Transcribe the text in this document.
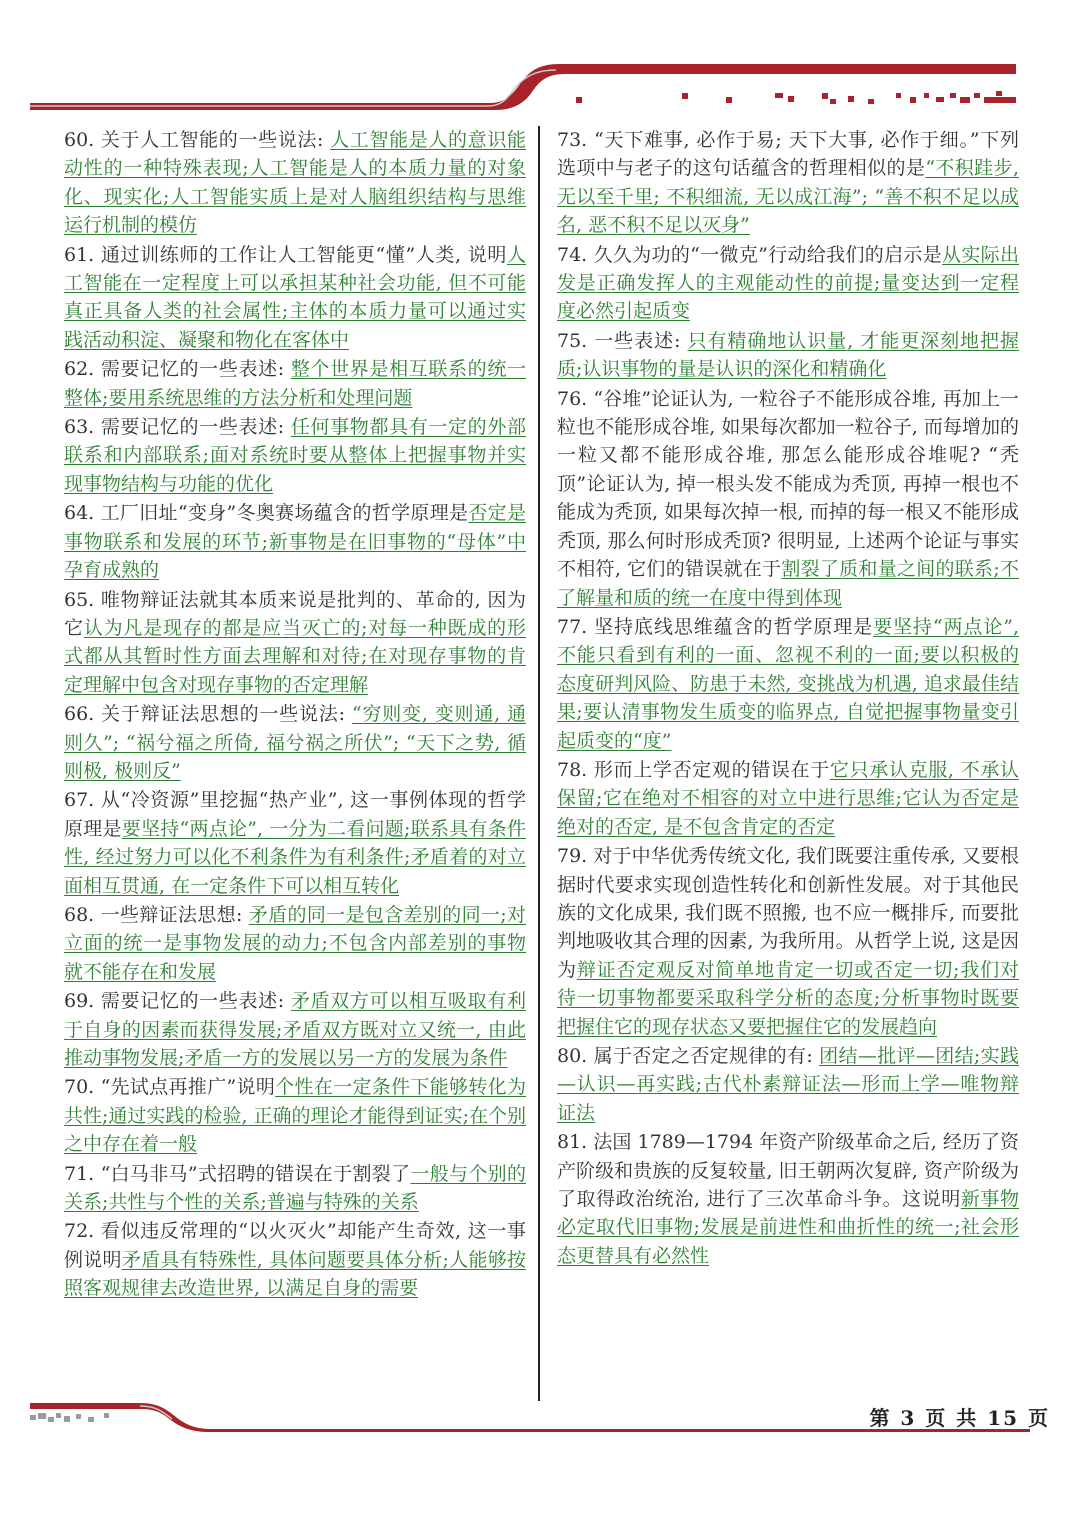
60. 关于人工智能的一些说法: 人工智能是人的意识能动性的一种特殊表现;人工智能是人的本质力量的对象化、现实化;人工智能实质上是对人脑组织结构与思维运行机制的模仿

61. 通过训练师的工作让人工智能更“懂”人类, 说明人工智能在一定程度上可以承担某种社会功能, 但不可能真正具备人类的社会属性;主体的本质力量可以通过实践活动积淀、凝聚和物化在客体中

62. 需要记忆的一些表述: 整个世界是相互联系的统一整体;要用系统思维的方法分析和处理问题

63. 需要记忆的一些表述: 任何事物都具有一定的外部联系和内部联系;面对系统时要从整体上把握事物并实现事物结构与功能的优化

64. 工厂旧址“变身”冬奥赛场蕴含的哲学原理是否定是事物联系和发展的环节;新事物是在旧事物的“母体”中孕育成熟的

65. 唯物辩证法就其本质来说是批判的、革命的, 因为它认为凡是现存的都是应当灭亡的;对每一种既成的形式都从其暂时性方面去理解和对待;在对现存事物的肯定理解中包含对现存事物的否定理解

66. 关于辩证法思想的一些说法: “穷则变, 变则通, 通则久”; “祸兮福之所倚, 福兮祸之所伏”; “天下之势, 循则极, 极则反”

67. 从“冷资源”里挖掘“热产业”, 这一事例体现的哲学原理是要坚持“两点论”, 一分为二看问题;联系具有条件性, 经过努力可以化不利条件为有利条件;矛盾着的对立面相互贯通, 在一定条件下可以相互转化

68. 一些辩证法思想: 矛盾的同一是包含差别的同一;对立面的统一是事物发展的动力;不包含内部差别的事物就不能存在和发展

69. 需要记忆的一些表述: 矛盾双方可以相互吸取有利于自身的因素而获得发展;矛盾双方既对立又统一, 由此推动事物发展;矛盾一方的发展以另一方的发展为条件

70. “先试点再推广”说明个性在一定条件下能够转化为共性;通过实践的检验, 正确的理论才能得到证实;在个别之中存在着一般

71. “白马非马”式招聘的错误在于割裂了一般与个别的关系;共性与个性的关系;普遍与特殊的关系

72. 看似违反常理的“以火灭火”却能产生奇效, 这一事例说明矛盾具有特殊性, 具体问题要具体分析;人能够按照客观规律去改造世界, 以满足自身的需要

73. “天下难事, 必作于易; 天下大事, 必作于细。”下列选项中与老子的这句话蕴含的哲理相似的是“不积跬步, 无以至千里; 不积细流, 无以成江海”; “善不积不足以成名, 恶不积不足以灭身”

74. 久久为功的“一微克”行动给我们的启示是从实际出发是正确发挥人的主观能动性的前提;量变达到一定程度必然引起质变

75. 一些表述: 只有精确地认识量, 才能更深刻地把握质;认识事物的量是认识的深化和精确化

76. “谷堆”论证认为, 一粒谷子不能形成谷堆, 再加上一粒也不能形成谷堆, 如果每次都加一粒谷子, 而每增加的一粒又都不能形成谷堆, 那怎么能形成谷堆呢? “秃顶”论证认为, 掉一根头发不能成为秃顶, 再掉一根也不能成为秃顶, 如果每次掉一根, 而掉的每一根又不能形成秃顶, 那么何时形成秃顶? 很明显, 上述两个论证与事实不相符, 它们的错误就在于割裂了质和量之间的联系;不了解量和质的统一在度中得到体现

77. 坚持底线思维蕴含的哲学原理是要坚持“两点论”, 不能只看到有利的一面、忽视不利的一面;要以积极的态度研判风险、防患于未然, 变挑战为机遇, 追求最佳结果;要认清事物发生质变的临界点, 自觉把握事物量变引起质变的“度”

78. 形而上学否定观的错误在于它只承认克服, 不承认保留;它在绝对不相容的对立中进行思维;它认为否定是绝对的否定, 是不包含肯定的否定

79. 对于中华优秀传统文化, 我们既要注重传承, 又要根据时代要求实现创造性转化和创新性发展。对于其他民族的文化成果, 我们既不照搬, 也不应一概排斥, 而要批判地吸收其合理的因素, 为我所用。从哲学上说, 这是因为辩证否定观反对简单地肯定一切或否定一切;我们对待一切事物都要采取科学分析的态度;分析事物时既要把握住它的现存状态又要把握住它的发展趋向

80. 属于否定之否定规律的有: 团结—批评—团结;实践—认识—再实践;古代朴素辩证法—形而上学—唯物辩证法

81. 法国 1789—1794 年资产阶级革命之后, 经历了资产阶级和贵族的反复较量, 旧王朝两次复辟, 资产阶级为了取得政治统治, 进行了三次革命斗争。这说明新事物必定取代旧事物;发展是前进性和曲折性的统一;社会形态更替具有必然性

第 3 页 共 15 页
